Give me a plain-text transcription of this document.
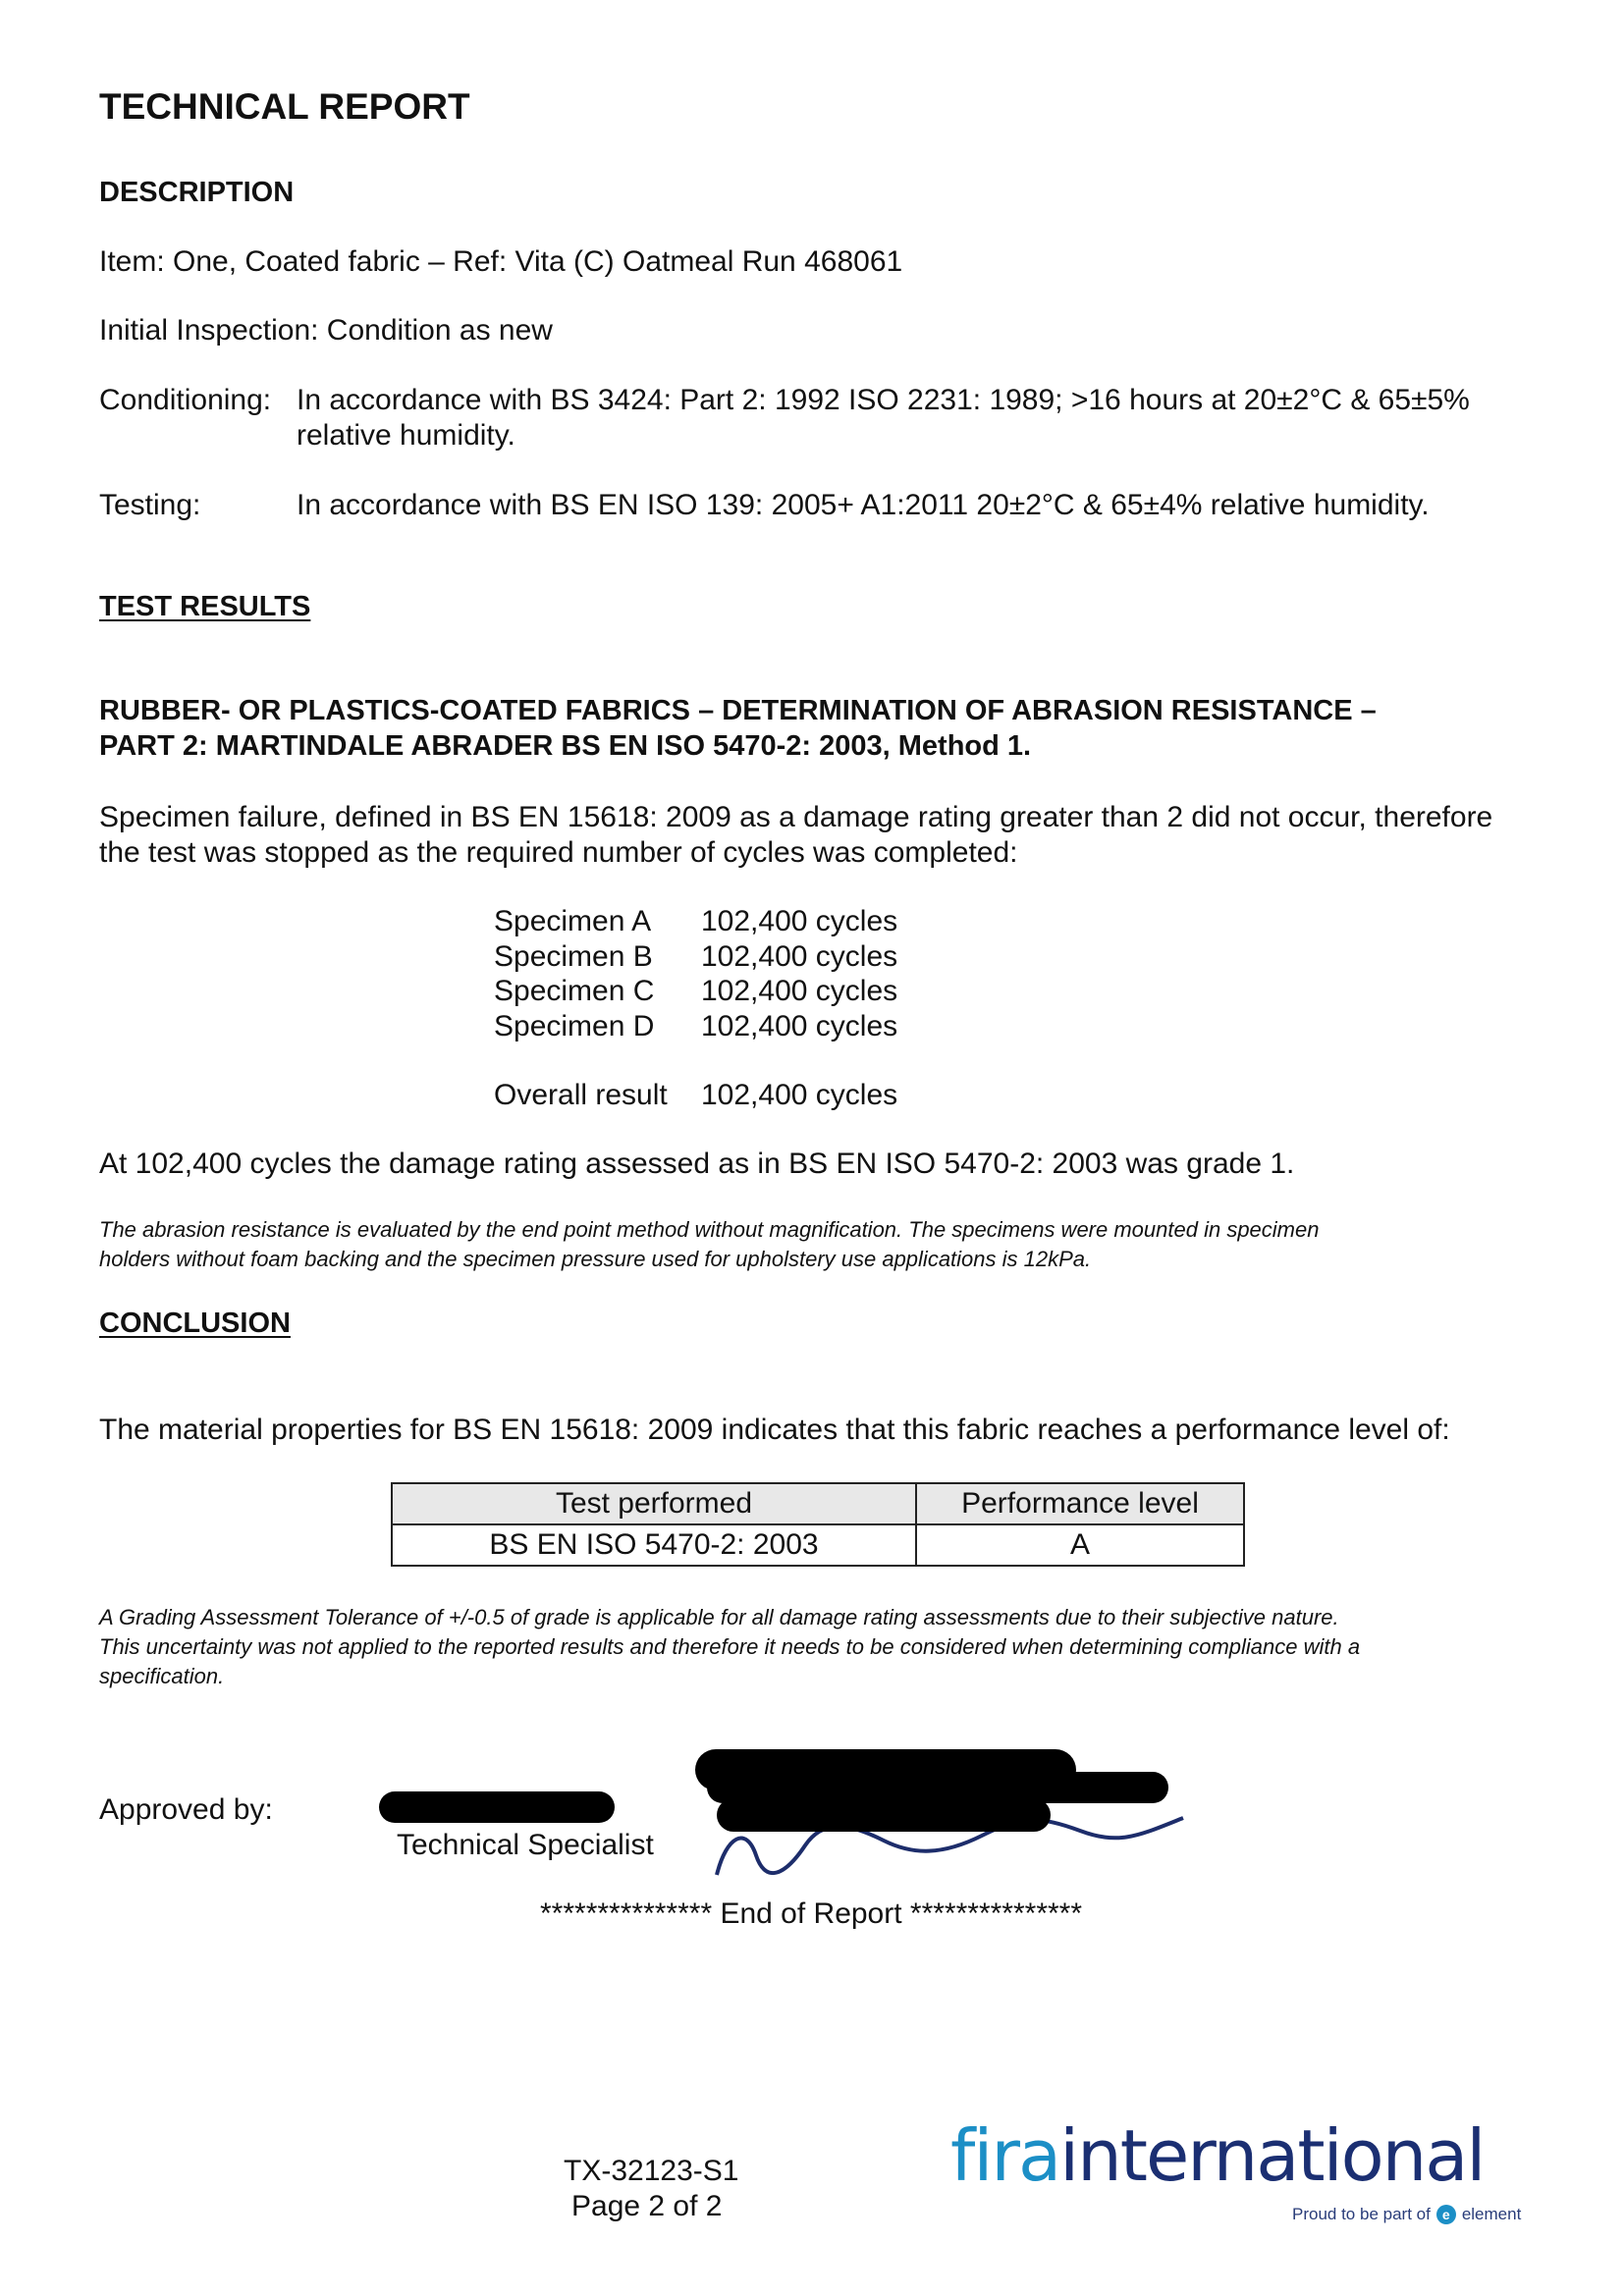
TECHNICAL REPORT
DESCRIPTION
Item: One, Coated fabric – Ref: Vita (C) Oatmeal Run 468061
Initial Inspection: Condition as new
Conditioning: In accordance with BS 3424: Part 2: 1992 ISO 2231: 1989; >16 hours at 20±2°C & 65±5% relative humidity.
Testing:	In accordance with BS EN ISO 139: 2005+ A1:2011 20±2°C & 65±4% relative humidity.
TEST RESULTS
RUBBER- OR PLASTICS-COATED FABRICS – DETERMINATION OF ABRASION RESISTANCE –
PART 2: MARTINDALE ABRADER BS EN ISO 5470-2: 2003, Method 1.
Specimen failure, defined in BS EN 15618: 2009 as a damage rating greater than 2 did not occur, therefore
the test was stopped as the required number of cycles was completed:
Specimen A 102,400 cycles
Specimen B 102,400 cycles
Specimen C 102,400 cycles
Specimen D 102,400 cycles
Overall result 102,400 cycles
At 102,400 cycles the damage rating assessed as in BS EN ISO 5470-2: 2003 was grade 1.
The abrasion resistance is evaluated by the end point method without magnification. The specimens were mounted in specimen
holders without foam backing and the specimen pressure used for upholstery use applications is 12kPa.
CONCLUSION
The material properties for BS EN 15618: 2009 indicates that this fabric reaches a performance level of:
Test performed	Performance level
BS EN ISO 5470-2: 2003	A
A Grading Assessment Tolerance of +/-0.5 of grade is applicable for all damage rating assessments due to their subjective nature.
This uncertainty was not applied to the reported results and therefore it needs to be considered when determining compliance with a
specification.
Approved by:
Technical Specialist
*************** End of Report ***************
TX-32123-S1
Page 2 of 2
firainternational
Proud to be part of e element
